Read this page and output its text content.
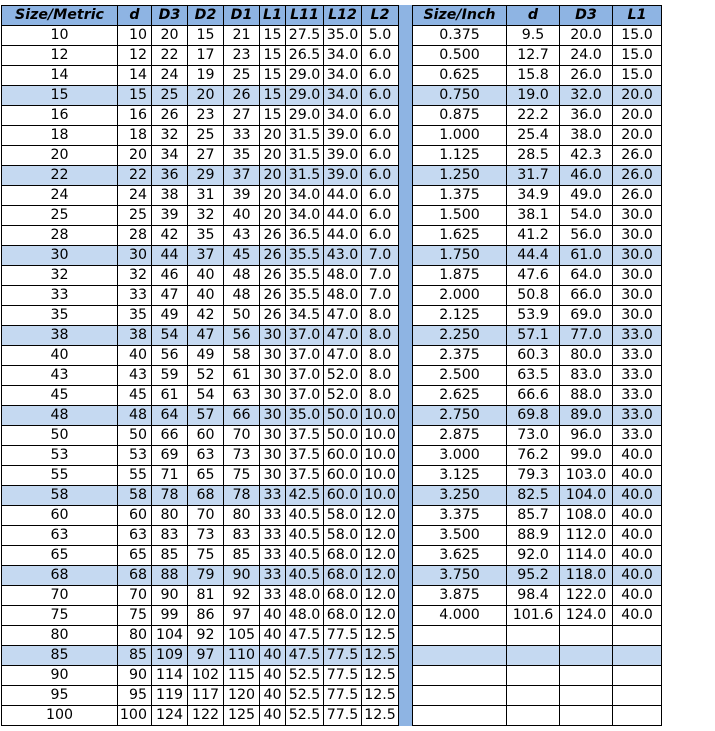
Size/Metric	d	D3	D2	D1	L1	L11	L12	L2
10	10	20	15	21	15	27.5	35.0	5.0
12	12	22	17	23	15	26.5	34.0	6.0
14	14	24	19	25	15	29.0	34.0	6.0
15	15	25	20	26	15	29.0	34.0	6.0
16	16	26	23	27	15	29.0	34.0	6.0
18	18	32	25	33	20	31.5	39.0	6.0
20	20	34	27	35	20	31.5	39.0	6.0
22	22	36	29	37	20	31.5	39.0	6.0
24	24	38	31	39	20	34.0	44.0	6.0
25	25	39	32	40	20	34.0	44.0	6.0
28	28	42	35	43	26	36.5	44.0	6.0
30	30	44	37	45	26	35.5	43.0	7.0
32	32	46	40	48	26	35.5	48.0	7.0
33	33	47	40	48	26	35.5	48.0	7.0
35	35	49	42	50	26	34.5	47.0	8.0
38	38	54	47	56	30	37.0	47.0	8.0
40	40	56	49	58	30	37.0	47.0	8.0
43	43	59	52	61	30	37.0	52.0	8.0
45	45	61	54	63	30	37.0	52.0	8.0
48	48	64	57	66	30	35.0	50.0	10.0
50	50	66	60	70	30	37.5	50.0	10.0
53	53	69	63	73	30	37.5	60.0	10.0
55	55	71	65	75	30	37.5	60.0	10.0
58	58	78	68	78	33	42.5	60.0	10.0
60	60	80	70	80	33	40.5	58.0	12.0
63	63	83	73	83	33	40.5	58.0	12.0
65	65	85	75	85	33	40.5	68.0	12.0
68	68	88	79	90	33	40.5	68.0	12.0
70	70	90	81	92	33	48.0	68.0	12.0
75	75	99	86	97	40	48.0	68.0	12.0
80	80	104	92	105	40	47.5	77.5	12.5
85	85	109	97	110	40	47.5	77.5	12.5
90	90	114	102	115	40	52.5	77.5	12.5
95	95	119	117	120	40	52.5	77.5	12.5
100	100	124	122	125	40	52.5	77.5	12.5
Size/Inch	d	D3	L1
0.375	9.5	20.0	15.0
0.500	12.7	24.0	15.0
0.625	15.8	26.0	15.0
0.750	19.0	32.0	20.0
0.875	22.2	36.0	20.0
1.000	25.4	38.0	20.0
1.125	28.5	42.3	26.0
1.250	31.7	46.0	26.0
1.375	34.9	49.0	26.0
1.500	38.1	54.0	30.0
1.625	41.2	56.0	30.0
1.750	44.4	61.0	30.0
1.875	47.6	64.0	30.0
2.000	50.8	66.0	30.0
2.125	53.9	69.0	30.0
2.250	57.1	77.0	33.0
2.375	60.3	80.0	33.0
2.500	63.5	83.0	33.0
2.625	66.6	88.0	33.0
2.750	69.8	89.0	33.0
2.875	73.0	96.0	33.0
3.000	76.2	99.0	40.0
3.125	79.3	103.0	40.0
3.250	82.5	104.0	40.0
3.375	85.7	108.0	40.0
3.500	88.9	112.0	40.0
3.625	92.0	114.0	40.0
3.750	95.2	118.0	40.0
3.875	98.4	122.0	40.0
4.000	101.6	124.0	40.0
